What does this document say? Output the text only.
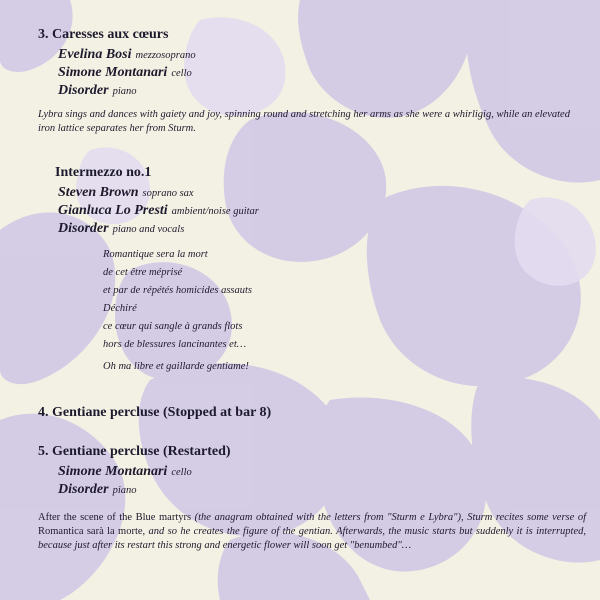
3. Caresses aux cœurs
Evelina Bosi mezzosoprano
Simone Montanari cello
Disorder piano
Lybra sings and dances with gaiety and joy, spinning round and stretching her arms as she were a whirligig, while an elevated iron lattice separates her from Sturm.
Intermezzo no.1
Steven Brown soprano sax
Gianluca Lo Presti ambient/noise guitar
Disorder piano and vocals
Romantique sera la mort
de cet être méprisé
et par de répétés homicides assauts
Déchiré
ce cœur qui sangle à grands flots
hors de blessures lancinantes et…
Oh ma libre et gaillarde gentiame!
4. Gentiane percluse (Stopped at bar 8)
5. Gentiane percluse (Restarted)
Simone Montanari cello
Disorder piano
After the scene of the Blue martyrs (the anagram obtained with the letters from "Sturm e Lybra"), Sturm recites some verse of Romantica sarà la morte, and so he creates the figure of the gentian. Afterwards, the music starts but suddenly it is interrupted, because just after its restart this strong and energetic flower will soon get "benumbed"…
